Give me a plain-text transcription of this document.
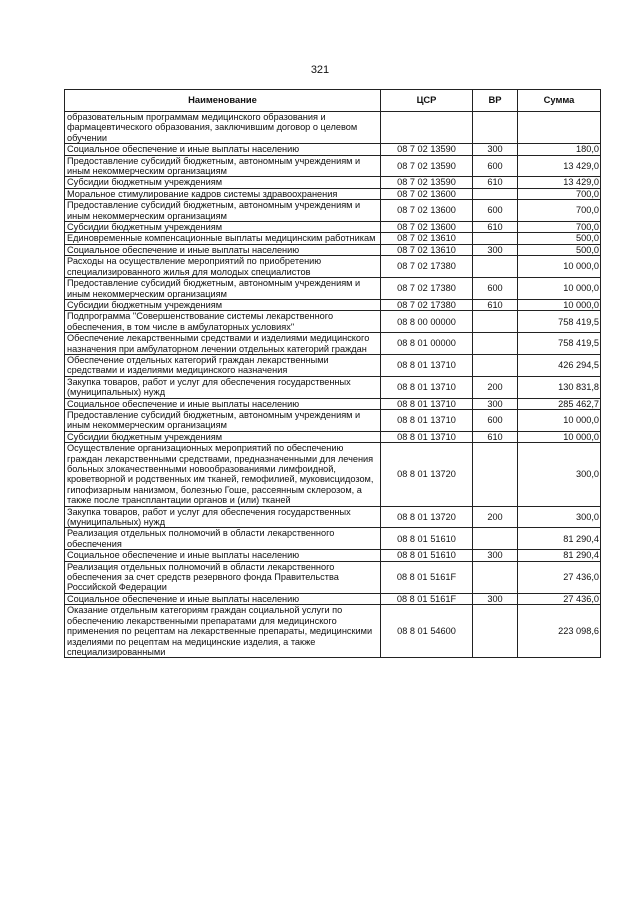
321
Наименование	ЦСР	ВР	Сумма
образовательным программам медицинского образования и фармацевтического образования, заключившим договор о целевом обучении			
Социальное обеспечение и иные выплаты населению	08 7 02 13590	300	180,0
Предоставление субсидий бюджетным, автономным учреждениям и иным некоммерческим организациям	08 7 02 13590	600	13 429,0
Субсидии бюджетным учреждениям	08 7 02 13590	610	13 429,0
Моральное стимулирование кадров системы здравоохранения	08 7 02 13600		700,0
Предоставление субсидий бюджетным, автономным учреждениям и иным некоммерческим организациям	08 7 02 13600	600	700,0
Субсидии бюджетным учреждениям	08 7 02 13600	610	700,0
Единовременные компенсационные выплаты медицинским работникам	08 7 02 13610		500,0
Социальное обеспечение и иные выплаты населению	08 7 02 13610	300	500,0
Расходы на осуществление мероприятий по приобретению специализированного жилья для молодых специалистов	08 7 02 17380		10 000,0
Предоставление субсидий бюджетным, автономным учреждениям и иным некоммерческим организациям	08 7 02 17380	600	10 000,0
Субсидии бюджетным учреждениям	08 7 02 17380	610	10 000,0
Подпрограмма "Совершенствование системы лекарственного обеспечения, в том числе в амбулаторных условиях"	08 8 00 00000		758 419,5
Обеспечение лекарственными средствами и изделиями медицинского назначения при амбулаторном лечении отдельных категорий граждан	08 8 01 00000		758 419,5
Обеспечение отдельных категорий граждан лекарственными средствами и изделиями медицинского назначения	08 8 01 13710		426 294,5
Закупка товаров, работ и услуг для обеспечения государственных (муниципальных) нужд	08 8 01 13710	200	130 831,8
Социальное обеспечение и иные выплаты населению	08 8 01 13710	300	285 462,7
Предоставление субсидий бюджетным, автономным учреждениям и иным некоммерческим организациям	08 8 01 13710	600	10 000,0
Субсидии бюджетным учреждениям	08 8 01 13710	610	10 000,0
Осуществление организационных мероприятий по обеспечению граждан лекарственными средствами, предназначенными для лечения больных злокачественными новообразованиями лимфоидной, кроветворной и родственных им тканей, гемофилией, муковисцидозом, гипофизарным нанизмом, болезнью Гоше, рассеянным склерозом, а также после трансплантации органов и (или) тканей	08 8 01 13720		300,0
Закупка товаров, работ и услуг для обеспечения государственных (муниципальных) нужд	08 8 01 13720	200	300,0
Реализация отдельных полномочий в области лекарственного обеспечения	08 8 01 51610		81 290,4
Социальное обеспечение и иные выплаты населению	08 8 01 51610	300	81 290,4
Реализация отдельных полномочий в области лекарственного обеспечения за счет средств резервного фонда Правительства Российской Федерации	08 8 01 5161F		27 436,0
Социальное обеспечение и иные выплаты населению	08 8 01 5161F	300	27 436,0
Оказание отдельным категориям граждан социальной услуги по обеспечению лекарственными препаратами для медицинского применения по рецептам на лекарственные препараты, медицинскими изделиями по рецептам на медицинские изделия, а также специализированными	08 8 01 54600		223 098,6
